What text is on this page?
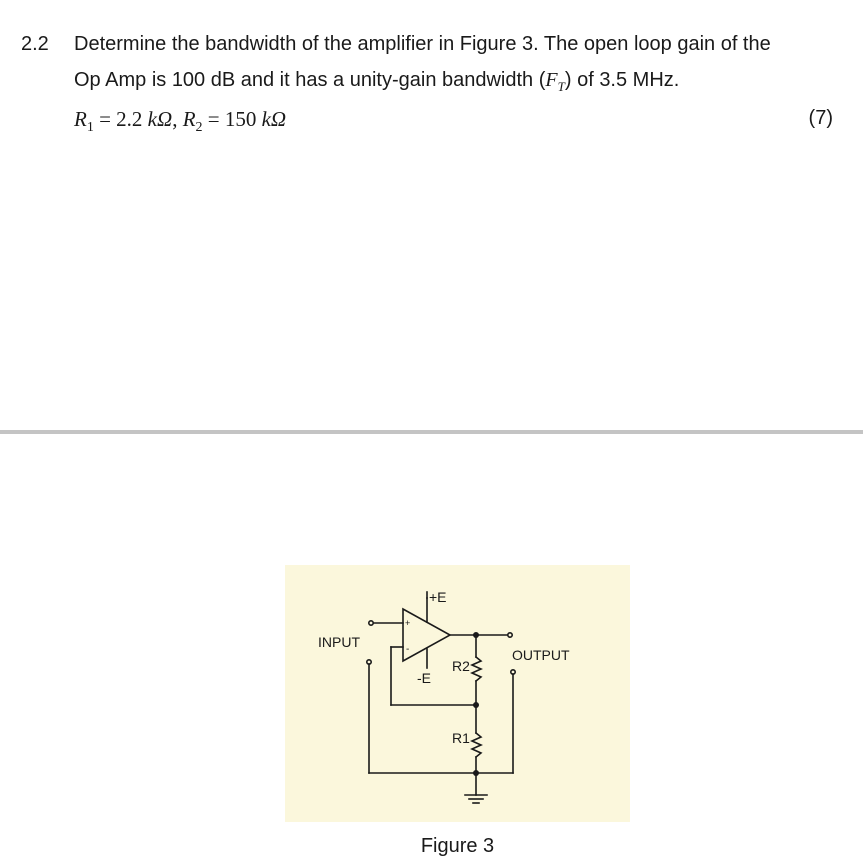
2.2 Determine the bandwidth of the amplifier in Figure 3. The open loop gain of the
Op Amp is 100 dB and it has a unity-gain bandwidth $(F_T)$ of 3.5 MHz.
$R_1 = 2.2$ kΩ, $R_2 = 150$ kΩ	(7)
+E
-E
INPUT
OUTPUT
R2
R1
+
-
Figure 3
